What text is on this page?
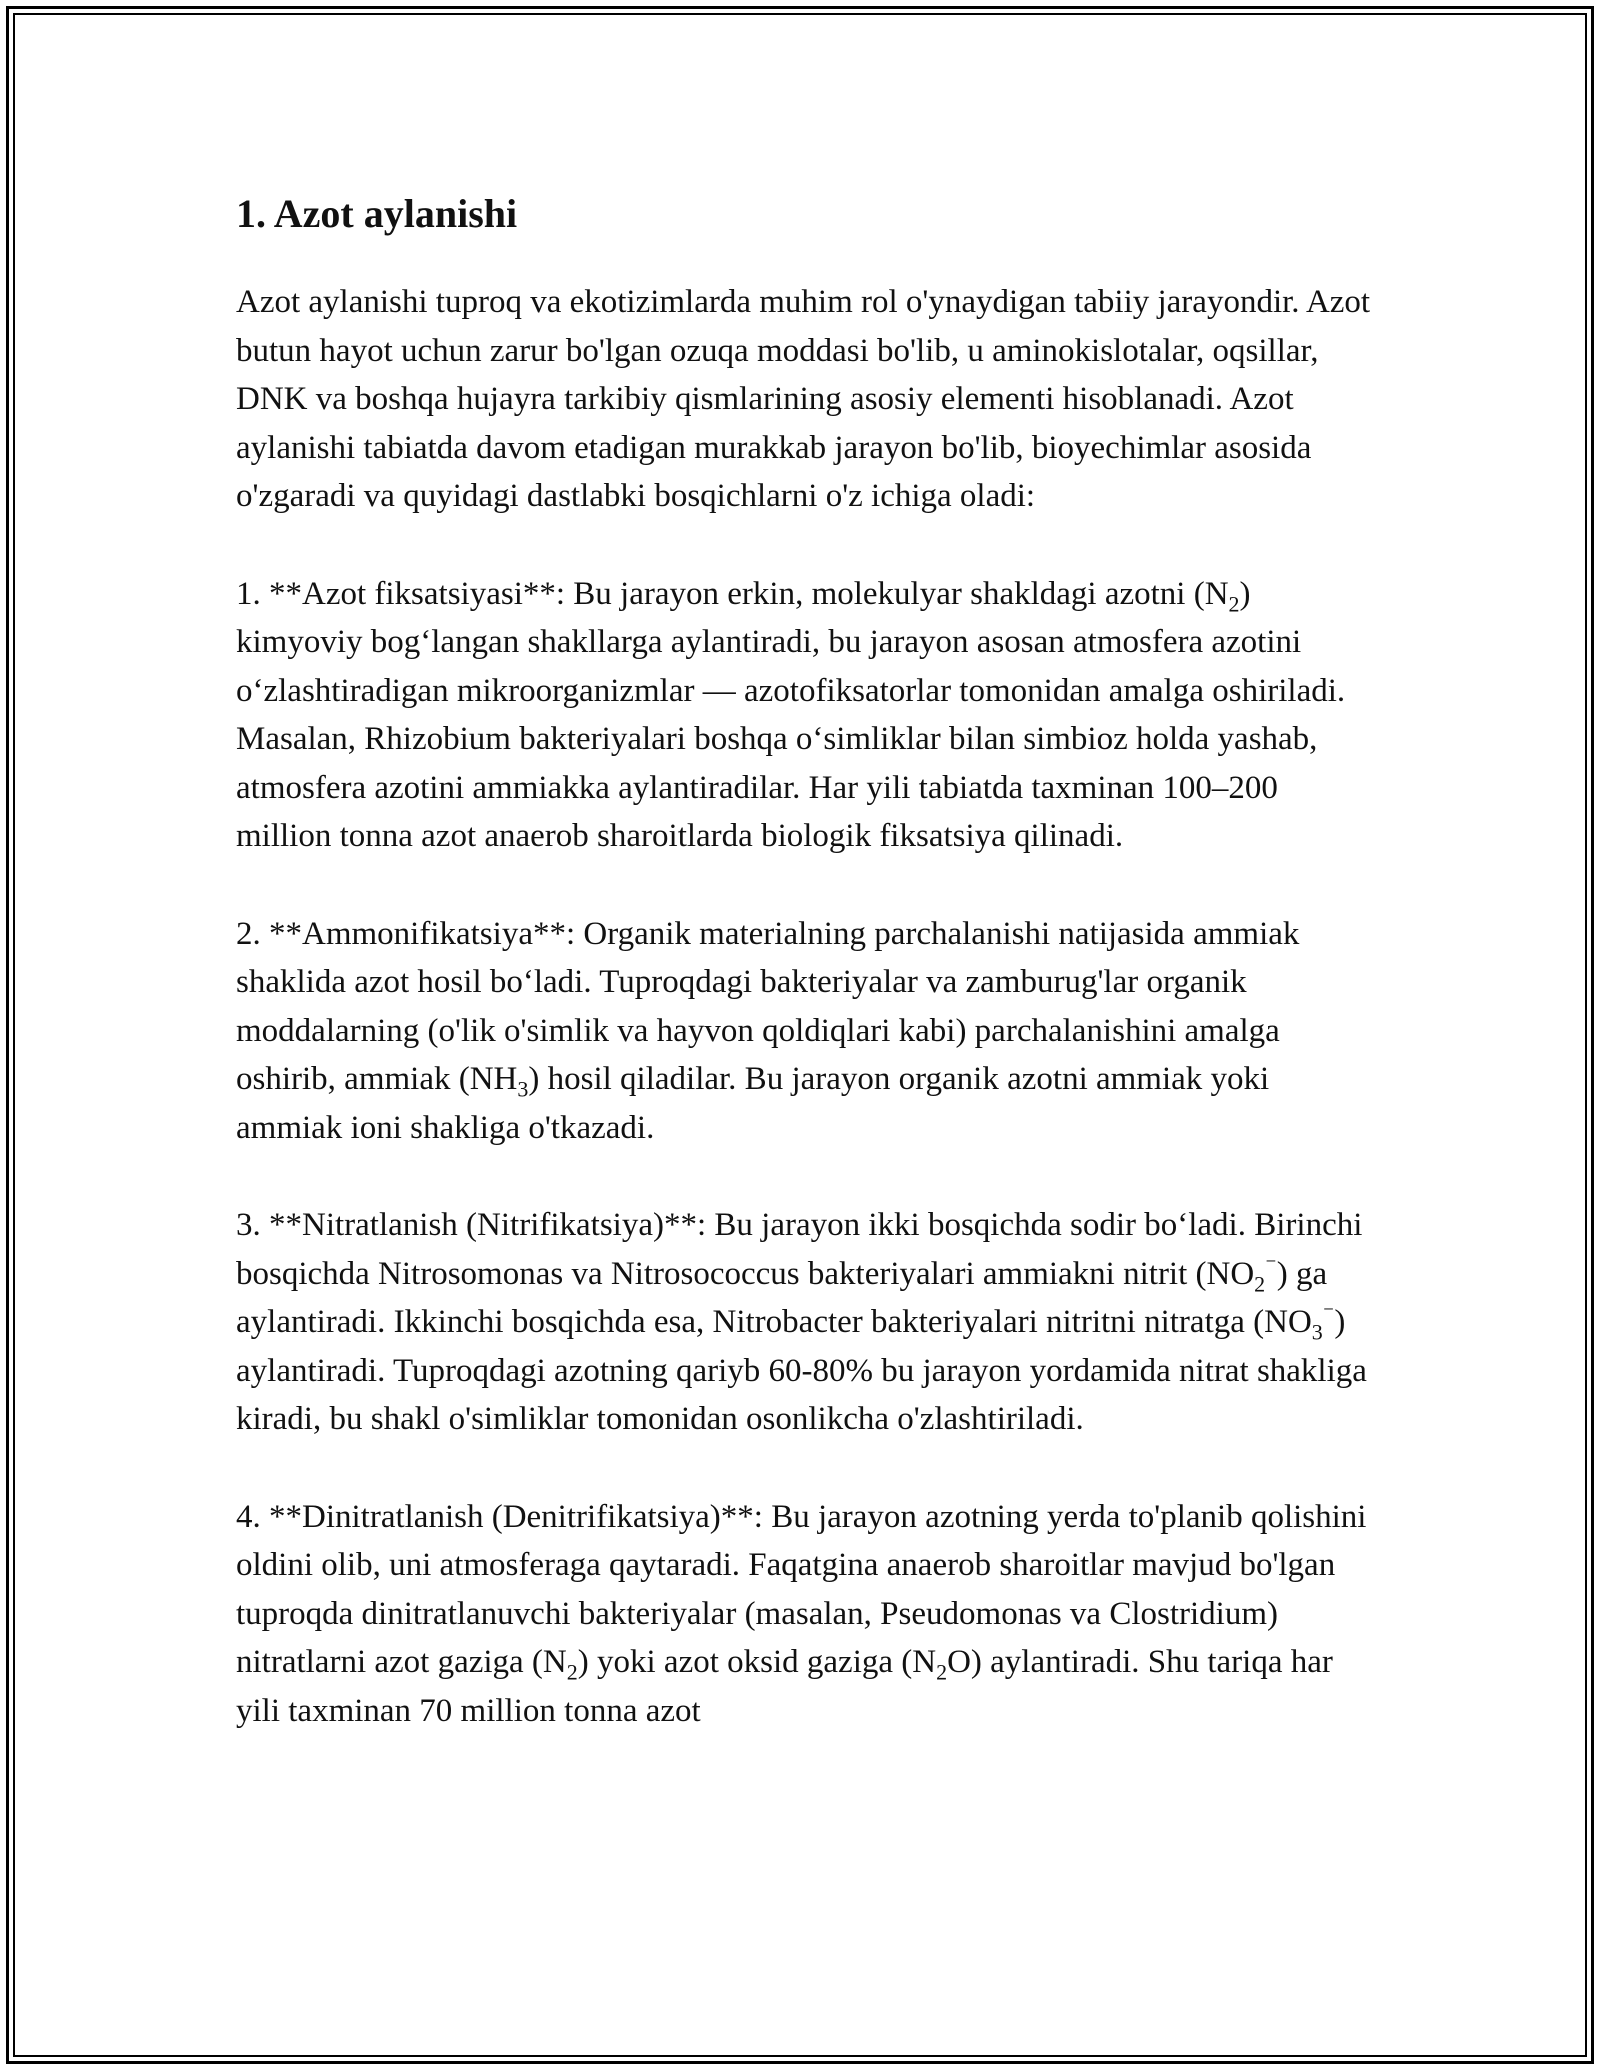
1. Azot aylanishi

Azot aylanishi tuproq va ekotizimlarda muhim rol o'ynaydigan tabiiy jarayondir. Azot butun hayot uchun zarur bo'lgan ozuqa moddasi bo'lib, u aminokislotalar, oqsillar, DNK va boshqa hujayra tarkibiy qismlarining asosiy elementi hisoblanadi. Azot aylanishi tabiatda davom etadigan murakkab jarayon bo'lib, bioyechimlar asosida o'zgaradi va quyidagi dastlabki bosqichlarni o'z ichiga oladi:

1. **Azot fiksatsiyasi**: Bu jarayon erkin, molekulyar shakldagi azotni $(N_2)$ kimyoviy bog‘langan shakllarga aylantiradi, bu jarayon asosan atmosfera azotini o‘zlashtiradigan mikroorganizmlar — azotofiksatorlar tomonidan amalga oshiriladi. Masalan, Rhizobium bakteriyalari boshqa o‘simliklar bilan simbioz holda yashab, atmosfera azotini ammiakka aylantiradilar. Har yili tabiatda taxminan 100–200 million tonna azot anaerob sharoitlarda biologik fiksatsiya qilinadi.

2. **Ammonifikatsiya**: Organik materialning parchalanishi natijasida ammiak shaklida azot hosil bo‘ladi. Tuproqdagi bakteriyalar va zamburug'lar organik moddalarning (o'lik o'simlik va hayvon qoldiqlari kabi) parchalanishini amalga oshirib, ammiak $(NH_3)$ hosil qiladilar. Bu jarayon organik azotni ammiak yoki ammiak ioni shakliga o'tkazadi.

3. **Nitratlanish (Nitrifikatsiya)**: Bu jarayon ikki bosqichda sodir bo‘ladi. Birinchi bosqichda Nitrosomonas va Nitrosococcus bakteriyalari ammiakni nitrit $(NO_2^{^-})$ ga aylantiradi. Ikkinchi bosqichda esa, Nitrobacter bakteriyalari nitritni nitratga $(NO_3^{^-})$ aylantiradi. Tuproqdagi azotning qariyb 60-80% bu jarayon yordamida nitrat shakliga kiradi, bu shakl o'simliklar tomonidan osonlikcha o'zlashtiriladi.

4. **Dinitratlanish (Denitrifikatsiya)**: Bu jarayon azotning yerda to'planib qolishini oldini olib, uni atmosferaga qaytaradi. Faqatgina anaerob sharoitlar mavjud bo'lgan tuproqda dinitratlanuvchi bakteriyalar (masalan, Pseudomonas va Clostridium) nitratlarni azot gaziga $(N_2)$ yoki azot oksid gaziga $(N_2O)$ aylantiradi. Shu tariqa har yili taxminan 70 million tonna azot
